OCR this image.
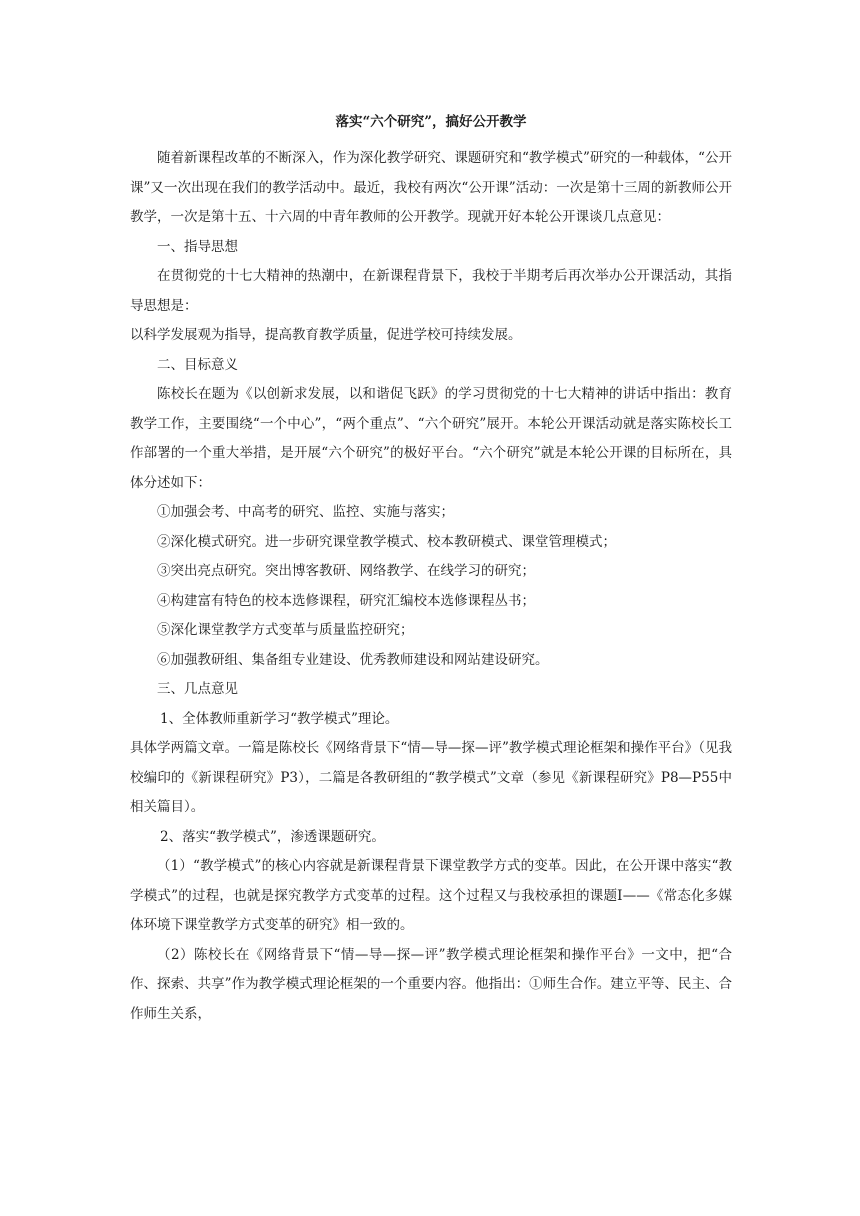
落实“六个研究”，搞好公开教学

随着新课程改革的不断深入，作为深化教学研究、课题研究和“教学模式”研究的一种载体，“公开课”又一次出现在我们的教学活动中。最近，我校有两次“公开课”活动：一次是第十三周的新教师公开教学，一次是第十五、十六周的中青年教师的公开教学。现就开好本轮公开课谈几点意见：

一、指导思想

在贯彻党的十七大精神的热潮中，在新课程背景下，我校于半期考后再次举办公开课活动，其指导思想是：

以科学发展观为指导，提高教育教学质量，促进学校可持续发展。

二、目标意义

陈校长在题为《以创新求发展，以和谐促飞跃》的学习贯彻党的十七大精神的讲话中指出：教育教学工作，主要围绕“一个中心”，“两个重点”、“六个研究”展开。本轮公开课活动就是落实陈校长工作部署的一个重大举措，是开展“六个研究”的极好平台。“六个研究”就是本轮公开课的目标所在，具体分述如下：

①加强会考、中高考的研究、监控、实施与落实；

②深化模式研究。进一步研究课堂教学模式、校本教研模式、课堂管理模式；

③突出亮点研究。突出博客教研、网络教学、在线学习的研究；

④构建富有特色的校本选修课程，研究汇编校本选修课程丛书；

⑤深化课堂教学方式变革与质量监控研究；

⑥加强教研组、集备组专业建设、优秀教师建设和网站建设研究。

三、几点意见

1、全体教师重新学习“教学模式”理论。

具体学两篇文章。一篇是陈校长《网络背景下“情—导—探—评”教学模式理论框架和操作平台》（见我校编印的《新课程研究》P3），二篇是各教研组的“教学模式”文章（参见《新课程研究》P8—P55中相关篇目）。

2、落实“教学模式”，渗透课题研究。

（1）“教学模式”的核心内容就是新课程背景下课堂教学方式的变革。因此，在公开课中落实“教学模式”的过程，也就是探究教学方式变革的过程。这个过程又与我校承担的课题Ⅰ——《常态化多媒体环境下课堂教学方式变革的研究》相一致的。

（2）陈校长在《网络背景下“情—导—探—评”教学模式理论框架和操作平台》一文中，把“合作、探索、共享”作为教学模式理论框架的一个重要内容。他指出：①师生合作。建立平等、民主、合作师生关系，
